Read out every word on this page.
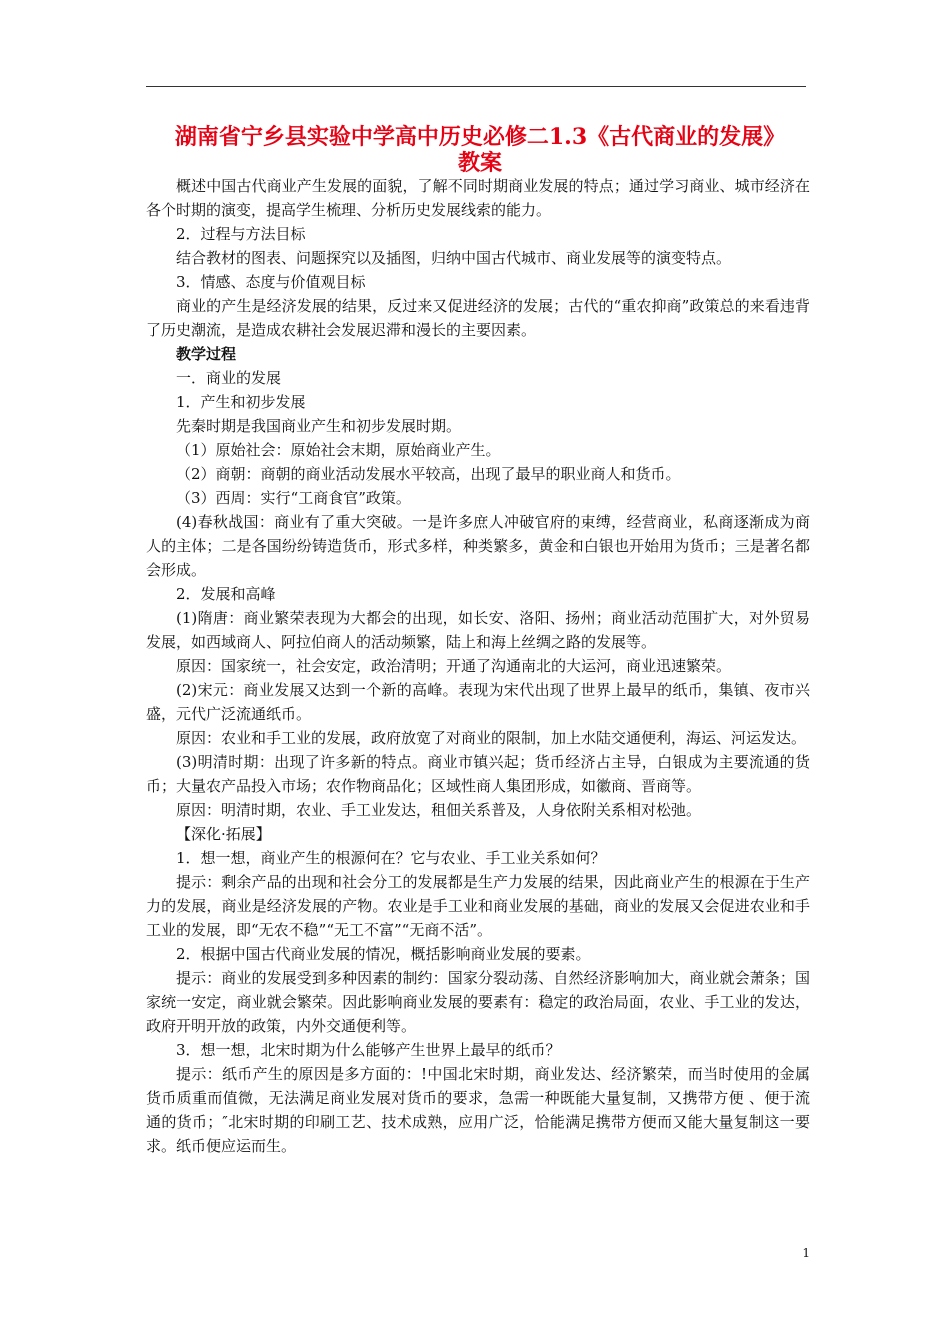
湖南省宁乡县实验中学高中历史必修二1.3《古代商业的发展》
教案

概述中国古代商业产生发展的面貌，了解不同时期商业发展的特点；通过学习商业、城市经济在各个时期的演变，提高学生梳理、分析历史发展线索的能力。

2．过程与方法目标

结合教材的图表、问题探究以及插图，归纳中国古代城市、商业发展等的演变特点。

3．情感、态度与价值观目标

商业的产生是经济发展的结果，反过来又促进经济的发展；古代的“重农抑商”政策总的来看违背了历史潮流，是造成农耕社会发展迟滞和漫长的主要因素。

教学过程

一．商业的发展

1．产生和初步发展

先秦时期是我国商业产生和初步发展时期。

（1）原始社会：原始社会末期，原始商业产生。

（2）商朝：商朝的商业活动发展水平较高，出现了最早的职业商人和货币。

（3）西周：实行“工商食官”政策。

(4)春秋战国：商业有了重大突破。一是许多庶人冲破官府的束缚，经营商业，私商逐渐成为商人的主体；二是各国纷纷铸造货币，形式多样，种类繁多，黄金和白银也开始用为货币；三是著名都会形成。

2．发展和高峰

(1)隋唐：商业繁荣表现为大都会的出现，如长安、洛阳、扬州；商业活动范围扩大，对外贸易发展，如西域商人、阿拉伯商人的活动频繁，陆上和海上丝绸之路的发展等。

原因：国家统一，社会安定，政治清明；开通了沟通南北的大运河，商业迅速繁荣。

(2)宋元：商业发展又达到一个新的高峰。表现为宋代出现了世界上最早的纸币，集镇、夜市兴盛，元代广泛流通纸币。

原因：农业和手工业的发展，政府放宽了对商业的限制，加上水陆交通便利，海运、河运发达。

(3)明清时期：出现了许多新的特点。商业市镇兴起；货币经济占主导，白银成为主要流通的货币；大量农产品投入市场；农作物商品化；区域性商人集团形成，如徽商、晋商等。

原因：明清时期，农业、手工业发达，租佃关系普及，人身依附关系相对松弛。

【深化·拓展】

1．想一想，商业产生的根源何在？它与农业、手工业关系如何？

提示：剩余产品的出现和社会分工的发展都是生产力发展的结果，因此商业产生的根源在于生产力的发展，商业是经济发展的产物。农业是手工业和商业发展的基础，商业的发展又会促进农业和手工业的发展，即“无农不稳”“无工不富”“无商不活”。

2．根据中国古代商业发展的情况，概括影响商业发展的要素。

提示：商业的发展受到多种因素的制约：国家分裂动荡、自然经济影响加大，商业就会萧条；国家统一安定，商业就会繁荣。因此影响商业发展的要素有：稳定的政治局面，农业、手工业的发达，政府开明开放的政策，内外交通便利等。

3．想一想，北宋时期为什么能够产生世界上最早的纸币？

提示：纸币产生的原因是多方面的：!中国北宋时期，商业发达、经济繁荣，而当时使用的金属货币质重而值微，无法满足商业发展对货币的要求，急需一种既能大量复制，又携带方便 、便于流通的货币；″北宋时期的印刷工艺、技术成熟，应用广泛，恰能满足携带方便而又能大量复制这一要求。纸币便应运而生。

1
